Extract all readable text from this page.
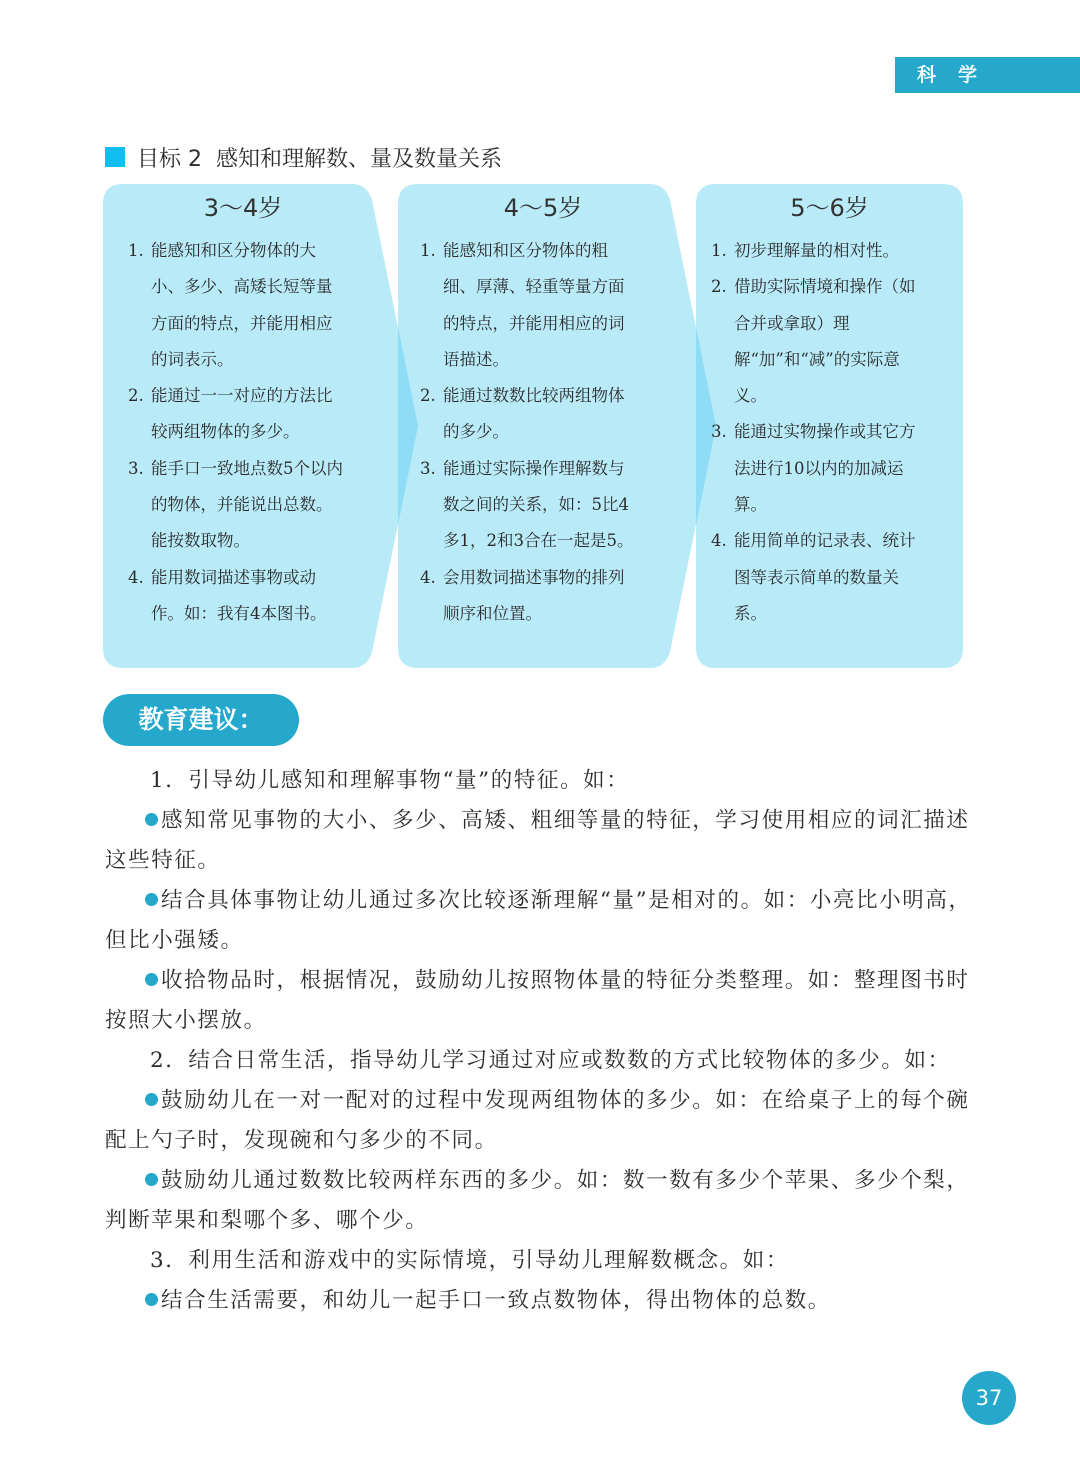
科学
目标 2  感知和理解数、量及数量关系
3～4岁	4～5岁	5～6岁
1. 能感知和区分物体的大小、多少、高矮长短等量方面的特点，并能用相应的词表示。
2. 能通过一一对应的方法比较两组物体的多少。
3. 能手口一致地点数5个以内的物体，并能说出总数。能按数取物。
4. 能用数词描述事物或动作。如：我有4本图书。
1. 能感知和区分物体的粗细、厚薄、轻重等量方面的特点，并能用相应的词语描述。
2. 能通过数数比较两组物体的多少。
3. 能通过实际操作理解数与数之间的关系，如：5比4多1，2和3合在一起是5。
4. 会用数词描述事物的排列顺序和位置。
1. 初步理解量的相对性。
2. 借助实际情境和操作（如合并或拿取）理解“加”和“减”的实际意义。
3. 能通过实物操作或其它方法进行10以内的加减运算。
4. 能用简单的记录表、统计图等表示简单的数量关系。
教育建议：

1．引导幼儿感知和理解事物“量”的特征。如：

感知常见事物的大小、多少、高矮、粗细等量的特征，学习使用相应的词汇描述这些特征。

结合具体事物让幼儿通过多次比较逐渐理解“量”是相对的。如：小亮比小明高，但比小强矮。

收拾物品时，根据情况，鼓励幼儿按照物体量的特征分类整理。如：整理图书时按照大小摆放。

2．结合日常生活，指导幼儿学习通过对应或数数的方式比较物体的多少。如：

鼓励幼儿在一对一配对的过程中发现两组物体的多少。如：在给桌子上的每个碗配上勺子时，发现碗和勺多少的不同。

鼓励幼儿通过数数比较两样东西的多少。如：数一数有多少个苹果、多少个梨，判断苹果和梨哪个多、哪个少。

3．利用生活和游戏中的实际情境，引导幼儿理解数概念。如：

结合生活需要，和幼儿一起手口一致点数物体，得出物体的总数。

37
